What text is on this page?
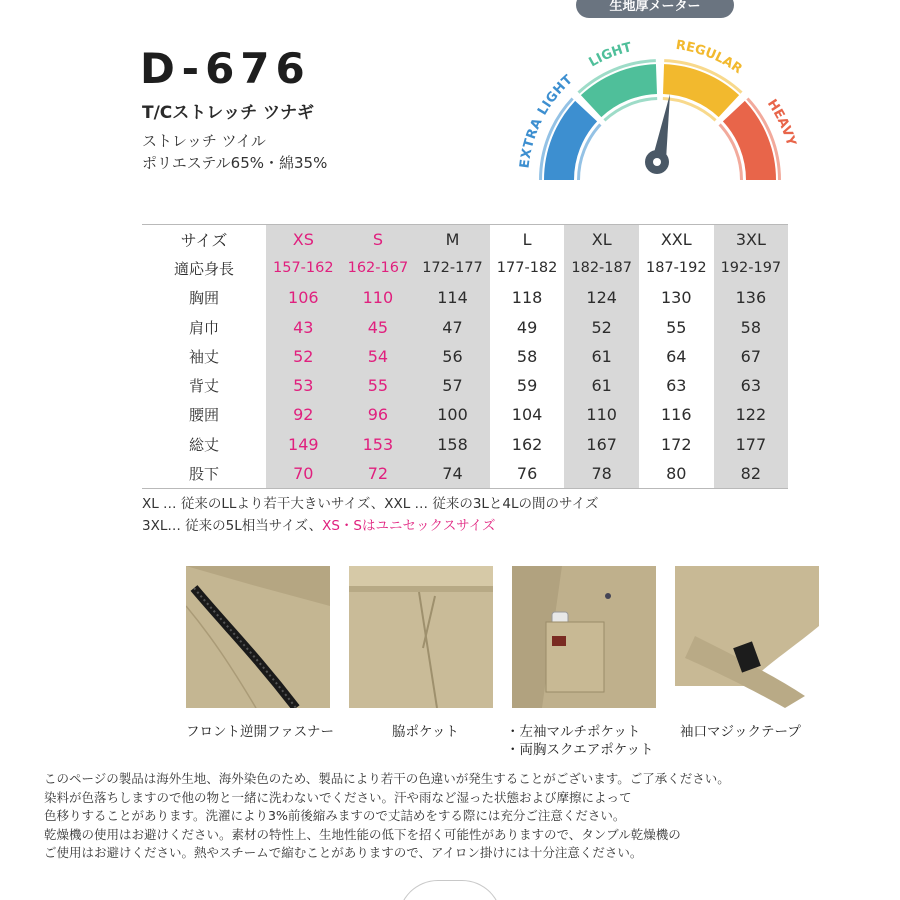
D-676
T/Cストレッチ ツナギ
ストレッチ ツイル
ポリエステル65%・綿35%
生地厚メーター
EXTRA LIGHT
LIGHT	REGULAR
HEAVY
サイズ	XS	S	M	L	XL	XXL	3XL
適応身長	157-162	162-167	172-177	177-182	182-187	187-192	192-197
胸囲	106	110	114	118	124	130	136
肩巾	43	45	47	49	52	55	58
袖丈	52	54	56	58	61	64	67
背丈	53	55	57	59	61	63	63
腰囲	92	96	100	104	110	116	122
総丈	149	153	158	162	167	172	177
股下	70	72	74	76	78	80	82
XL … 従来のLLより若干大きいサイズ、XXL … 従来の3Lと4Lの間のサイズ
3XL… 従来の5L相当サイズ、XS・Sはユニセックスサイズ
フロント逆開ファスナー	脇ポケット	・左袖マルチポケット
・両胸スクエアポケット
袖口マジックテープ
このページの製品は海外生地、海外染色のため、製品により若干の色違いが発生することがございます。ご了承ください。
染料が色落ちしますので他の物と一緒に洗わないでください。汗や雨など湿った状態および摩擦によって
色移りすることがあります。洗濯により3%前後縮みますので丈詰めをする際には充分ご注意ください。
乾燥機の使用はお避けください。素材の特性上、生地性能の低下を招く可能性がありますので、タンブル乾燥機の
ご使用はお避けください。熱やスチームで縮むことがありますので、アイロン掛けには十分注意ください。
